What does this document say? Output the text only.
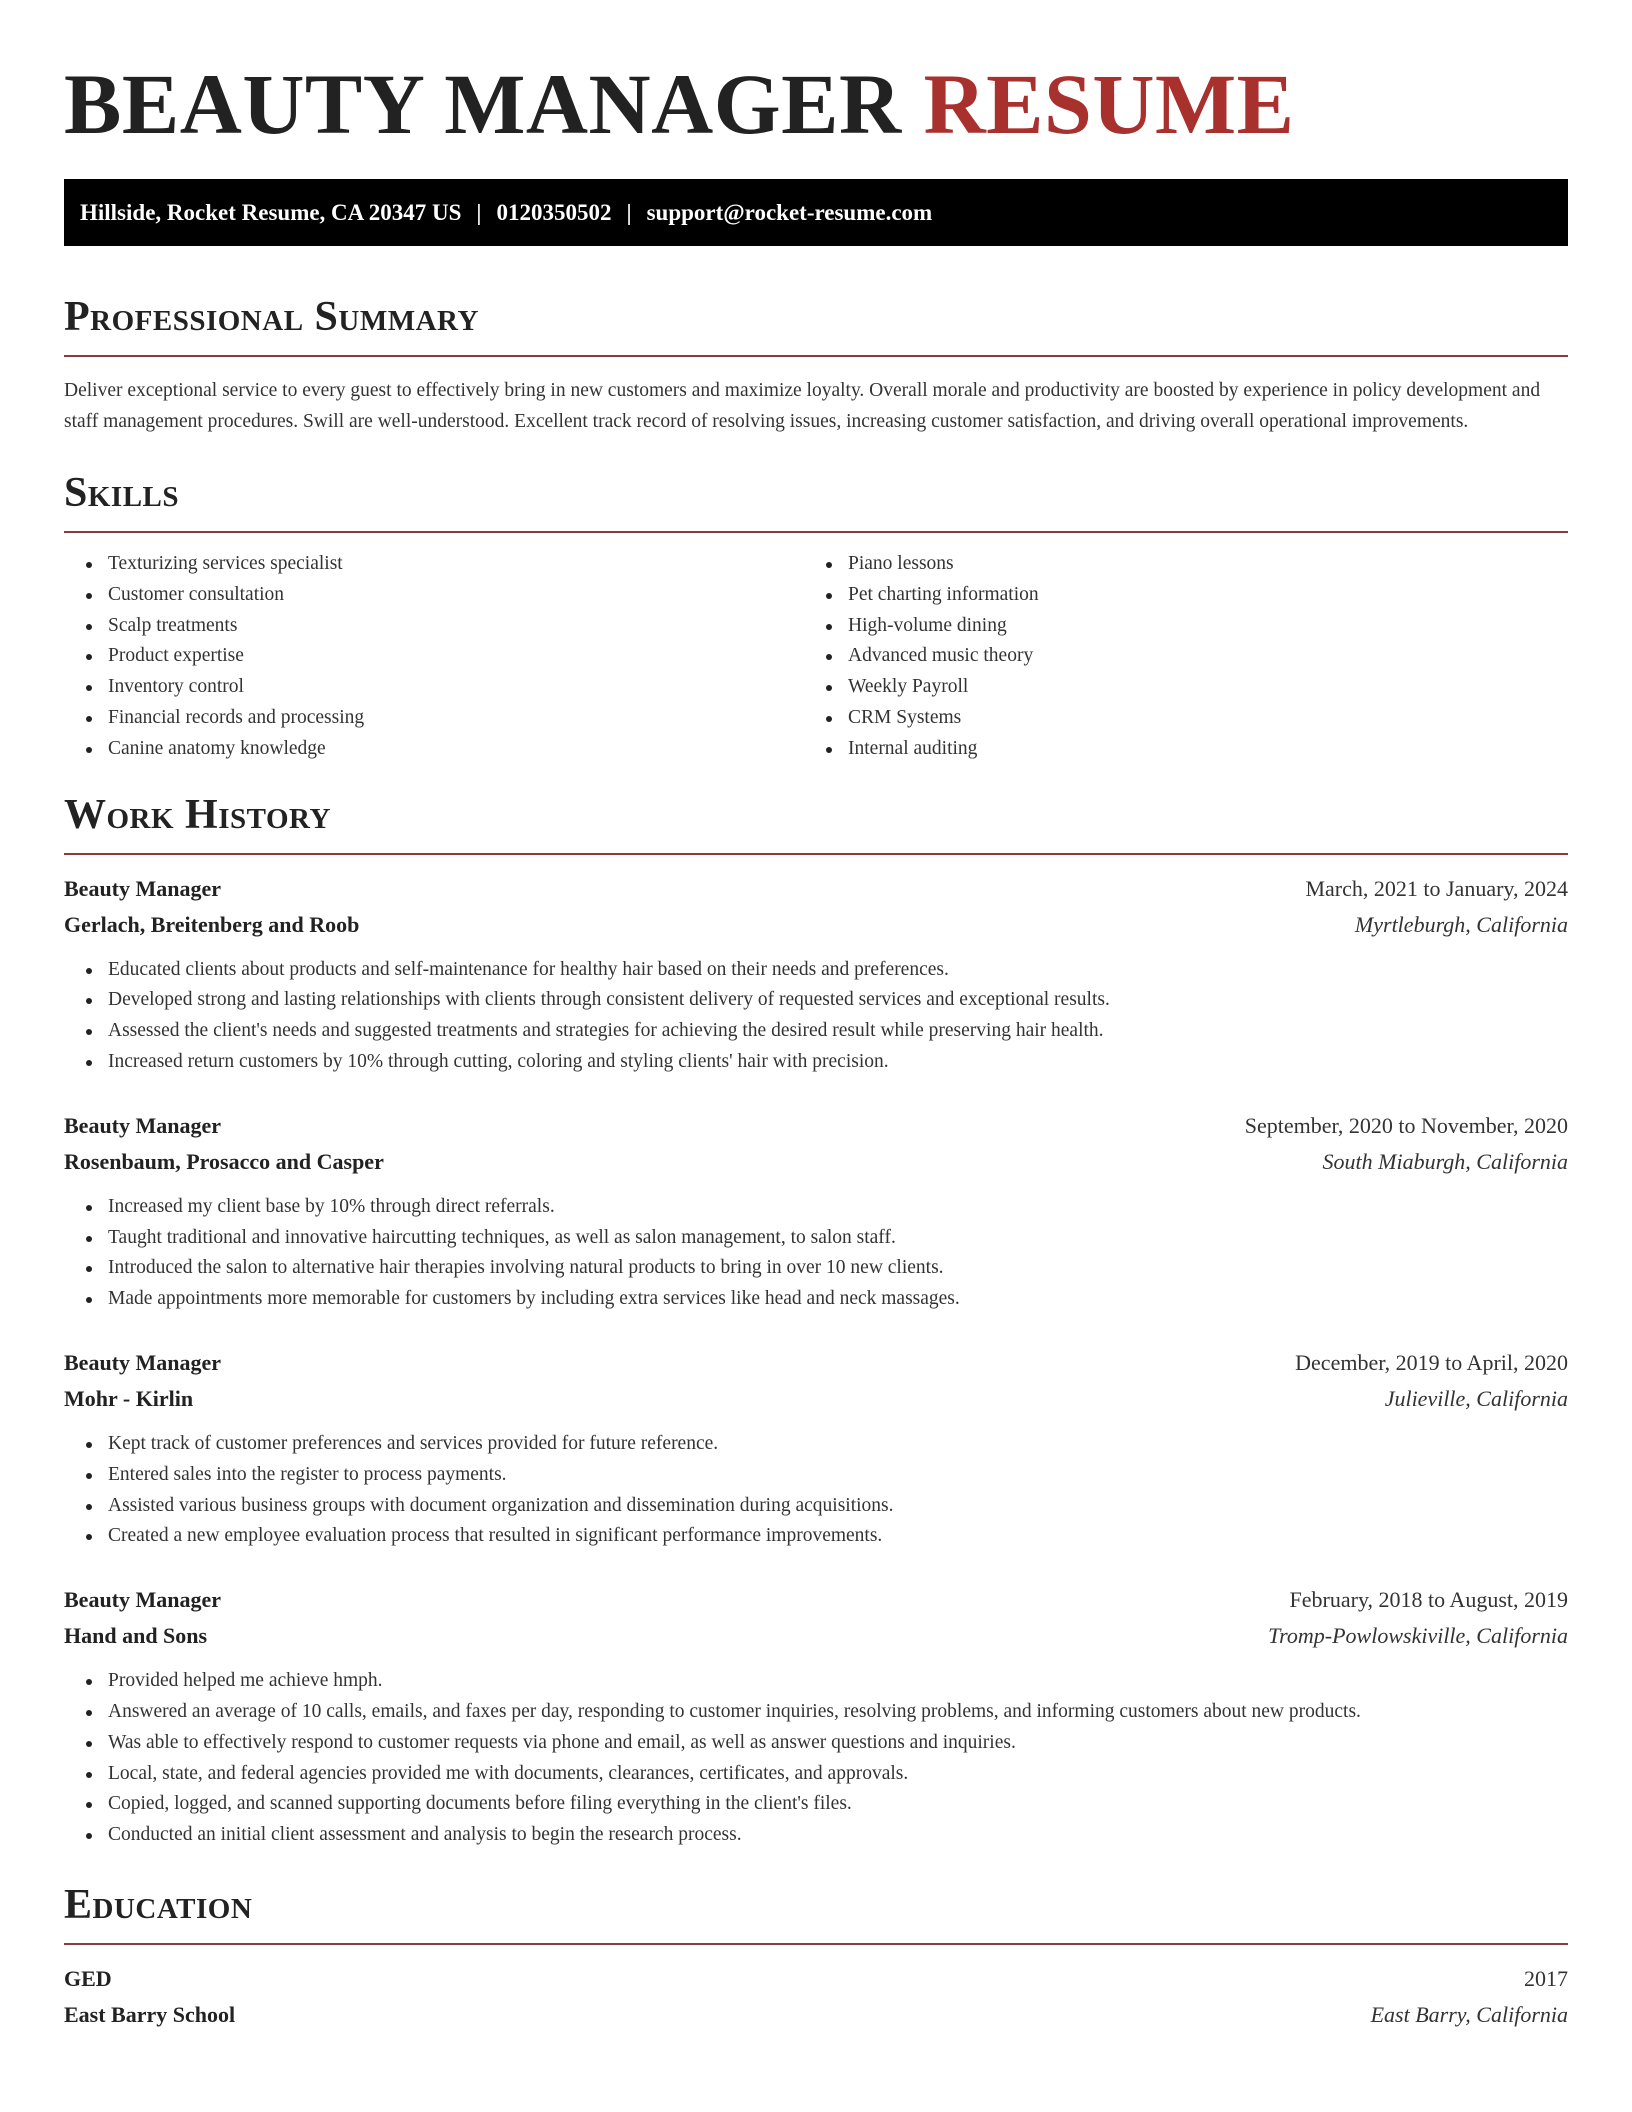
BEAUTY MANAGER RESUME
Hillside, Rocket Resume, CA 20347 US | 0120350502 | support@rocket-resume.com
Professional Summary

Deliver exceptional service to every guest to effectively bring in new customers and maximize loyalty. Overall morale and productivity are boosted by experience in policy development and staff management procedures. Swill are well-understood. Excellent track record of resolving issues, increasing customer satisfaction, and driving overall operational improvements.

Skills
Texturizing services specialist
Customer consultation
Scalp treatments
Product expertise
Inventory control
Financial records and processing
Canine anatomy knowledge
Piano lessons
Pet charting information
High-volume dining
Advanced music theory
Weekly Payroll
CRM Systems
Internal auditing
Work History
Beauty Manager	March, 2021 to January, 2024
Gerlach, Breitenberg and Roob	Myrtleburgh, California
Educated clients about products and self-maintenance for healthy hair based on their needs and preferences.
Developed strong and lasting relationships with clients through consistent delivery of requested services and exceptional results.
Assessed the client's needs and suggested treatments and strategies for achieving the desired result while preserving hair health.
Increased return customers by 10% through cutting, coloring and styling clients' hair with precision.
Beauty Manager	September, 2020 to November, 2020
Rosenbaum, Prosacco and Casper	South Miaburgh, California
Increased my client base by 10% through direct referrals.
Taught traditional and innovative haircutting techniques, as well as salon management, to salon staff.
Introduced the salon to alternative hair therapies involving natural products to bring in over 10 new clients.
Made appointments more memorable for customers by including extra services like head and neck massages.
Beauty Manager	December, 2019 to April, 2020
Mohr - Kirlin	Julieville, California
Kept track of customer preferences and services provided for future reference.
Entered sales into the register to process payments.
Assisted various business groups with document organization and dissemination during acquisitions.
Created a new employee evaluation process that resulted in significant performance improvements.
Beauty Manager	February, 2018 to August, 2019
Hand and Sons	Tromp-Powlowskiville, California
Provided helped me achieve hmph.
Answered an average of 10 calls, emails, and faxes per day, responding to customer inquiries, resolving problems, and informing customers about new products.
Was able to effectively respond to customer requests via phone and email, as well as answer questions and inquiries.
Local, state, and federal agencies provided me with documents, clearances, certificates, and approvals.
Copied, logged, and scanned supporting documents before filing everything in the client's files.
Conducted an initial client assessment and analysis to begin the research process.
Education
GED	2017
East Barry School	East Barry, California
